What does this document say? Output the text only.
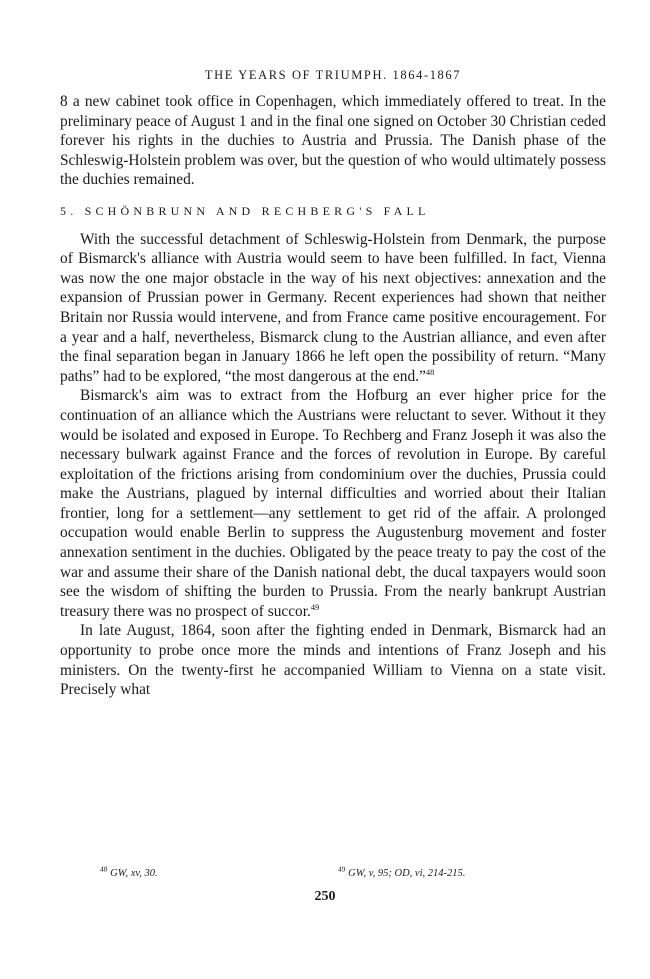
THE YEARS OF TRIUMPH. 1864-1867

8 a new cabinet took office in Copenhagen, which immediately offered to treat. In the preliminary peace of August 1 and in the final one signed on October 30 Christian ceded forever his rights in the duchies to Austria and Prussia. The Danish phase of the Schleswig-Holstein problem was over, but the question of who would ultimately possess the duchies remained.

5. SCHÖNBRUNN AND RECHBERG'S FALL

With the successful detachment of Schleswig-Holstein from Denmark, the purpose of Bismarck's alliance with Austria would seem to have been fulfilled. In fact, Vienna was now the one major obstacle in the way of his next objectives: annexation and the expansion of Prussian power in Germany. Recent experiences had shown that neither Britain nor Russia would intervene, and from France came positive encouragement. For a year and a half, nevertheless, Bismarck clung to the Austrian alliance, and even after the final separation began in January 1866 he left open the possibility of return. “Many paths” had to be explored, “the most dangerous at the end.”$^{48}$

Bismarck's aim was to extract from the Hofburg an ever higher price for the continuation of an alliance which the Austrians were reluctant to sever. Without it they would be isolated and exposed in Europe. To Rechberg and Franz Joseph it was also the necessary bulwark against France and the forces of revolution in Europe. By careful exploitation of the frictions arising from condominium over the duchies, Prussia could make the Austrians, plagued by internal difficulties and worried about their Italian frontier, long for a settlement—any settlement to get rid of the affair. A prolonged occupation would enable Berlin to suppress the Augustenburg movement and foster annexation sentiment in the duchies. Obligated by the peace treaty to pay the cost of the war and assume their share of the Danish national debt, the ducal taxpayers would soon see the wisdom of shifting the burden to Prussia. From the nearly bankrupt Austrian treasury there was no prospect of succor.$^{49}$

In late August, 1864, soon after the fighting ended in Denmark, Bismarck had an opportunity to probe once more the minds and intentions of Franz Joseph and his ministers. On the twenty-first he accompanied William to Vienna on a state visit. Precisely what

$^{48}$ GW, xv, 30.	$^{49}$ GW, v, 95; OD, vi, 214-215.
250
